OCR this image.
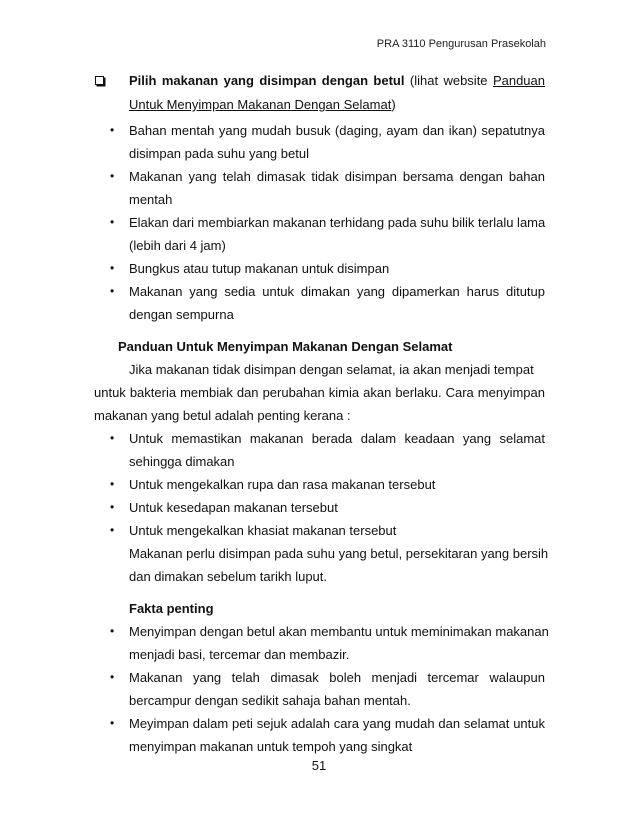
PRA 3110 Pengurusan Prasekolah
Pilih makanan yang disimpan dengan betul (lihat website Panduan
Untuk Menyimpan Makanan Dengan Selamat)
• Bahan mentah yang mudah busuk (daging, ayam dan ikan) sepatutnya
disimpan pada suhu yang betul
• Makanan yang telah dimasak tidak disimpan bersama dengan bahan
mentah
• Elakan dari membiarkan makanan terhidang pada suhu bilik terlalu lama
(lebih dari 4 jam)
• Bungkus atau tutup makanan untuk disimpan
• Makanan yang sedia untuk dimakan yang dipamerkan harus ditutup
dengan sempurna
Panduan Untuk Menyimpan Makanan Dengan Selamat
Jika makanan tidak disimpan dengan selamat, ia akan menjadi tempat
untuk bakteria membiak dan perubahan kimia akan berlaku. Cara menyimpan
makanan yang betul adalah penting kerana :
• Untuk memastikan makanan berada dalam keadaan yang selamat
sehingga dimakan
• Untuk mengekalkan rupa dan rasa makanan tersebut
• Untuk kesedapan makanan tersebut
• Untuk mengekalkan khasiat makanan tersebut
Makanan perlu disimpan pada suhu yang betul, persekitaran yang bersih
dan dimakan sebelum tarikh luput.
Fakta penting
• Menyimpan dengan betul akan membantu untuk meminimakan makanan
menjadi basi, tercemar dan membazir.
• Makanan yang telah dimasak boleh menjadi tercemar walaupun
bercampur dengan sedikit sahaja bahan mentah.
• Meyimpan dalam peti sejuk adalah cara yang mudah dan selamat untuk
menyimpan makanan untuk tempoh yang singkat
51
